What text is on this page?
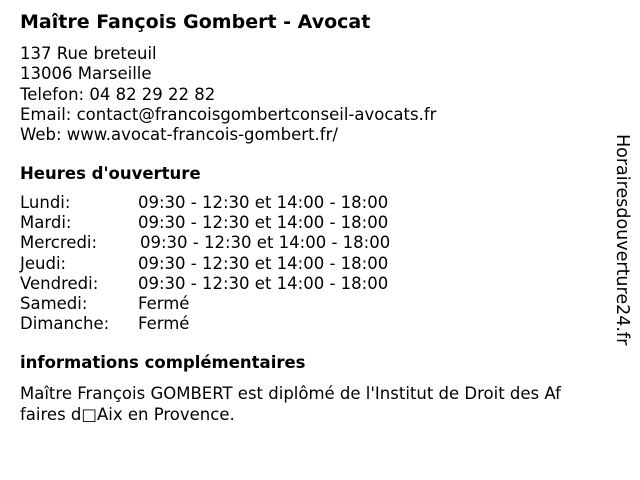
Maître Fançois Gombert - Avocat
137 Rue breteuil
13006 Marseille
Telefon: 04 82 29 22 82
Email: contact@francoisgombertconseil-avocats.fr
Web: www.avocat-francois-gombert.fr/
Heures d'ouverture
Lundi:	09:30 - 12:30 et 14:00 - 18:00
Mardi:	09:30 - 12:30 et 14:00 - 18:00
Mercredi:	09:30 - 12:30 et 14:00 - 18:00
Jeudi:	09:30 - 12:30 et 14:00 - 18:00
Vendredi: 09:30 - 12:30 et 14:00 - 18:00
Samedi:	Fermé
Dimanche: Fermé
informations complémentaires
Maître François GOMBERT est diplômé de l'Institut de Droit des Af
faires d□Aix en Provence.
Horairesdouverture24.fr
